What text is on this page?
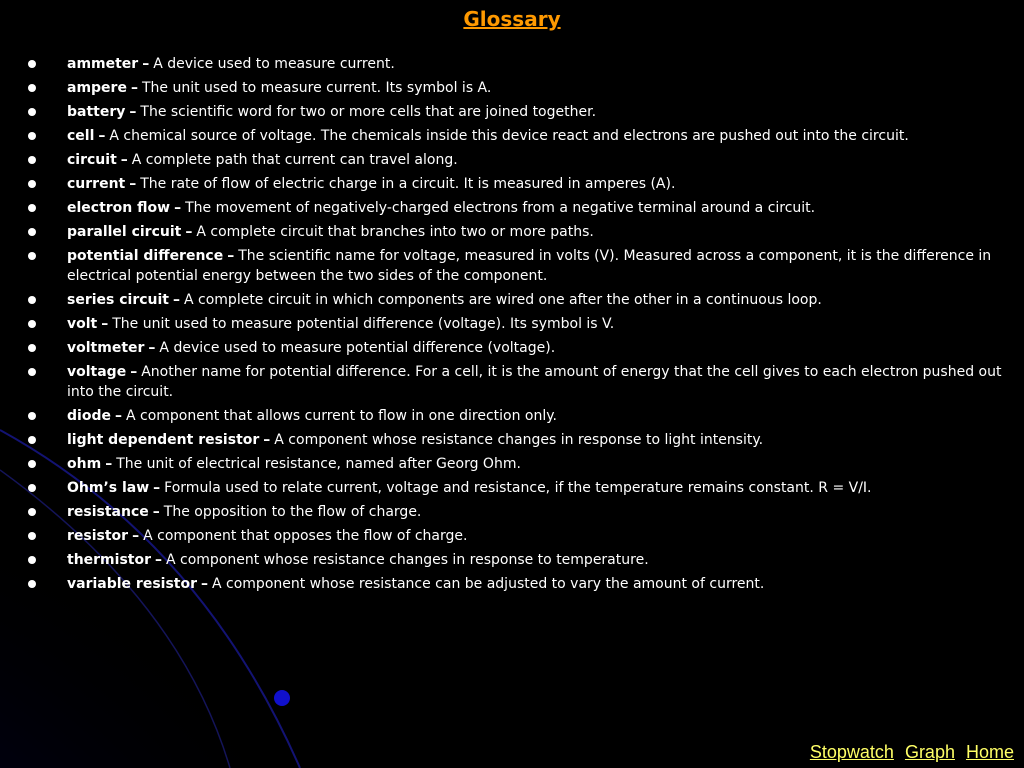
Glossary
ammeter – A device used to measure current.
ampere – The unit used to measure current. Its symbol is A.
battery – The scientific word for two or more cells that are joined together.
cell – A chemical source of voltage. The chemicals inside this device react and electrons are pushed out into the circuit.
circuit – A complete path that current can travel along.
current – The rate of flow of electric charge in a circuit. It is measured in amperes (A).
electron flow – The movement of negatively-charged electrons from a negative terminal around a circuit.
parallel circuit – A complete circuit that branches into two or more paths.
potential difference – The scientific name for voltage, measured in volts (V). Measured across a component, it is the difference in electrical potential energy between the two sides of the component.
series circuit – A complete circuit in which components are wired one after the other in a continuous loop.
volt – The unit used to measure potential difference (voltage). Its symbol is V.
voltmeter – A device used to measure potential difference (voltage).
voltage – Another name for potential difference. For a cell, it is the amount of energy that the cell gives to each electron pushed out into the circuit.
diode – A component that allows current to flow in one direction only.
light dependent resistor – A component whose resistance changes in response to light intensity.
ohm – The unit of electrical resistance, named after Georg Ohm.
Ohm’s law – Formula used to relate current, voltage and resistance, if the temperature remains constant. R = V/I.
resistance – The opposition to the flow of charge.
resistor – A component that opposes the flow of charge.
thermistor – A component whose resistance changes in response to temperature.
variable resistor – A component whose resistance can be adjusted to vary the amount of current.
Stopwatch Graph Home
